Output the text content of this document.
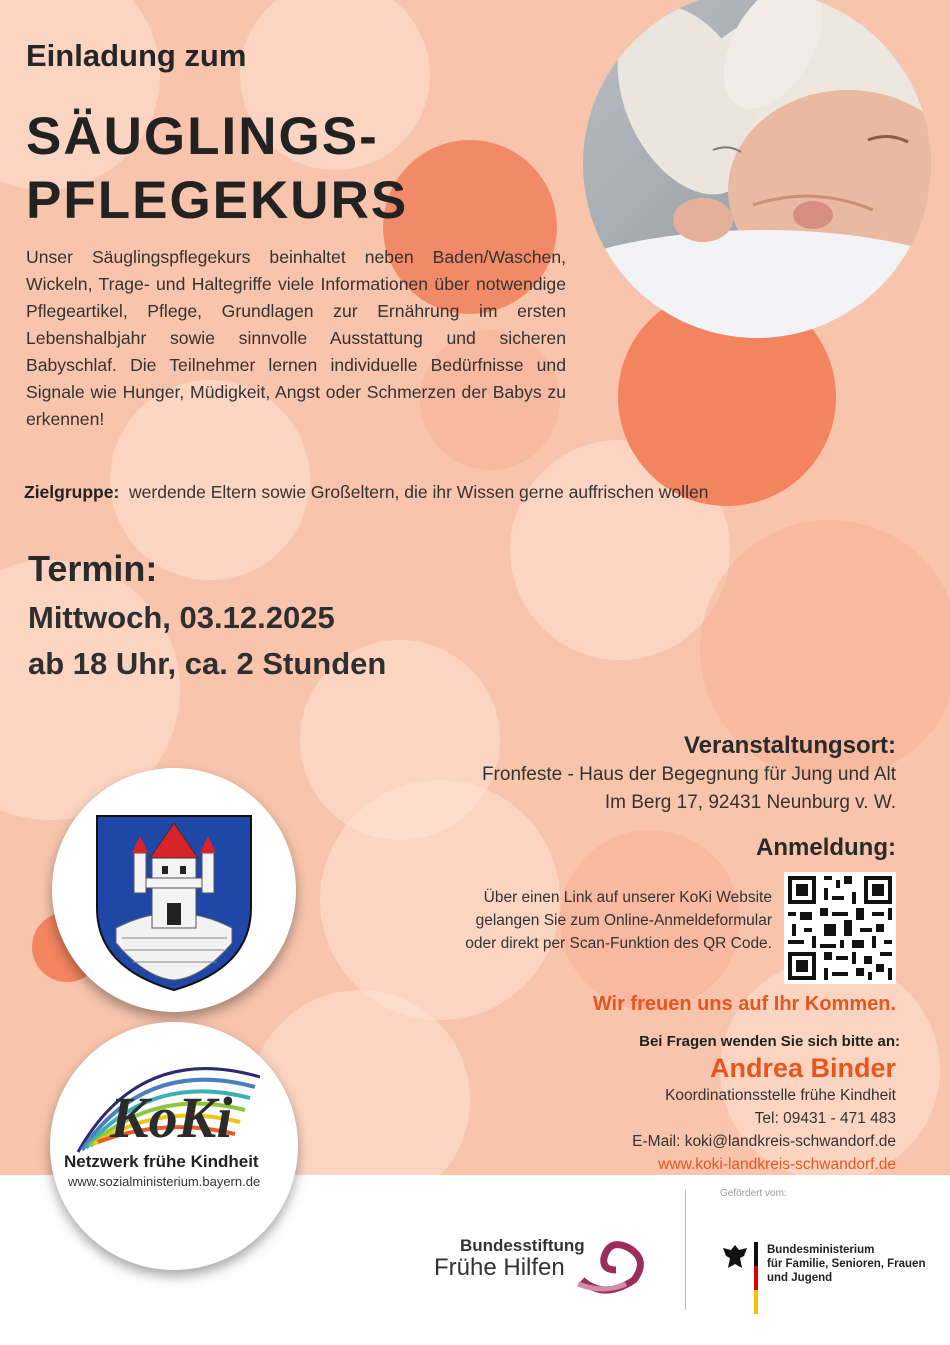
Einladung zum
SÄUGLINGS-
PFLEGEKURS
Unser Säuglingspflegekurs beinhaltet neben Baden/Waschen, Wickeln, Trage- und Haltegriffe viele Informationen über notwendige Pflegeartikel, Pflege, Grundlagen zur Ernährung im ersten Lebenshalbjahr sowie sinnvolle Ausstattung und sicheren Babyschlaf. Die Teilnehmer lernen individuelle Bedürfnisse und Signale wie Hunger, Müdigkeit, Angst oder Schmerzen der Babys zu erkennen!
Zielgruppe: werdende Eltern sowie Großeltern, die ihr Wissen gerne auffrischen wollen
Termin:
Mittwoch, 03.12.2025
ab 18 Uhr, ca. 2 Stunden
Veranstaltungsort:
Fronfeste - Haus der Begegnung für Jung und Alt
Im Berg 17, 92431 Neunburg v. W.
Anmeldung:
Über einen Link auf unserer KoKi Website
gelangen Sie zum Online-Anmeldeformular
oder direkt per Scan-Funktion des QR Code.
Wir freuen uns auf Ihr Kommen.
Bei Fragen wenden Sie sich bitte an:
Andrea Binder
Koordinationsstelle frühe Kindheit
Tel: 09431 - 471 483
E-Mail: koki@landkreis-schwandorf.de
www.koki-landkreis-schwandorf.de
KoKi
Netzwerk frühe Kindheit
www.sozialministerium.bayern.de
Bundesstiftung
Frühe Hilfen
Gefördert vom:
Bundesministerium
für Familie, Senioren, Frauen
und Jugend
